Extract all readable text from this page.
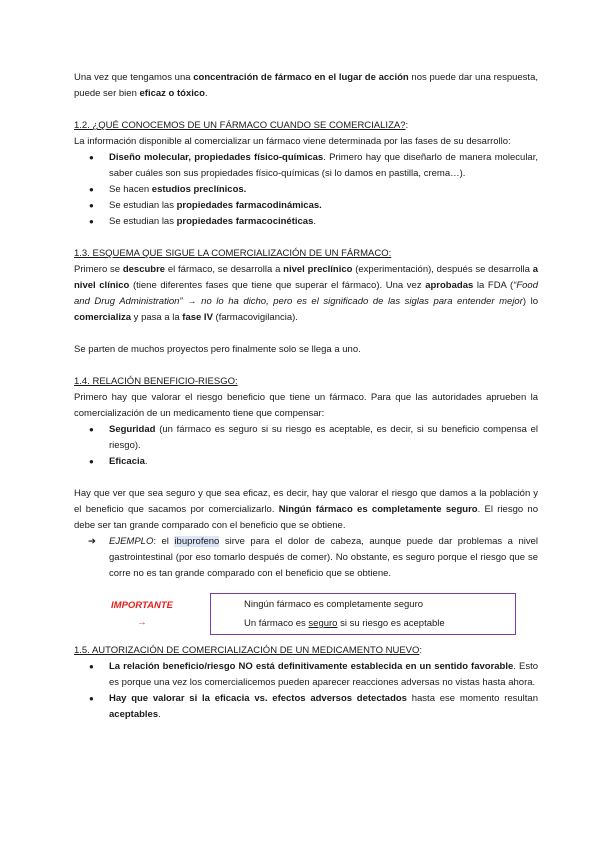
Una vez que tengamos una concentración de fármaco en el lugar de acción nos puede dar una respuesta, puede ser bien eficaz o tóxico.

1.2. ¿QUÉ CONOCEMOS DE UN FÁRMACO CUANDO SE COMERCIALIZA?:

La información disponible al comercializar un fármaco viene determinada por las fases de su desarrollo:

● Diseño molecular, propiedades físico-químicas. Primero hay que diseñarlo de manera molecular, saber cuáles son sus propiedades físico-químicas (si lo damos en pastilla, crema…).
● Se hacen estudios preclínicos.
● Se estudian las propiedades farmacodinámicas.
● Se estudian las propiedades farmacocinéticas.

1.3. ESQUEMA QUE SIGUE LA COMERCIALIZACIÓN DE UN FÁRMACO:

Primero se descubre el fármaco, se desarrolla a nivel preclínico (experimentación), después se desarrolla a nivel clínico (tiene diferentes fases que tiene que superar el fármaco). Una vez aprobadas la FDA (“Food and Drug Administration” → no lo ha dicho, pero es el significado de las siglas para entender mejor) lo comercializa y pasa a la fase IV (farmacovigilancia).

Se parten de muchos proyectos pero finalmente solo se llega a uno.

1.4. RELACIÓN BENEFICIO-RIESGO:

Primero hay que valorar el riesgo beneficio que tiene un fármaco. Para que las autoridades aprueben la comercialización de un medicamento tiene que compensar:

● Seguridad (un fármaco es seguro si su riesgo es aceptable, es decir, si su beneficio compensa el riesgo).
● Eficacia.

Hay que ver que sea seguro y que sea eficaz, es decir, hay que valorar el riesgo que damos a la población y el beneficio que sacamos por comercializarlo. Ningún fármaco es completamente seguro. El riesgo no debe ser tan grande comparado con el beneficio que se obtiene.

➔ EJEMPLO: el ibuprofeno sirve para el dolor de cabeza, aunque puede dar problemas a nivel gastrointestinal (por eso tomarlo después de comer). No obstante, es seguro porque el riesgo que se corre no es tan grande comparado con el beneficio que se obtiene.
IMPORTANTE
→
Ningún fármaco es completamente seguro
Un fármaco es seguro si su riesgo es aceptable

1.5. AUTORIZACIÓN DE COMERCIALIZACIÓN DE UN MEDICAMENTO NUEVO:

● La relación beneficio/riesgo NO está definitivamente establecida en un sentido favorable. Esto es porque una vez los comercialicemos pueden aparecer reacciones adversas no vistas hasta ahora.
● Hay que valorar si la eficacia vs. efectos adversos detectados hasta ese momento resultan aceptables.
